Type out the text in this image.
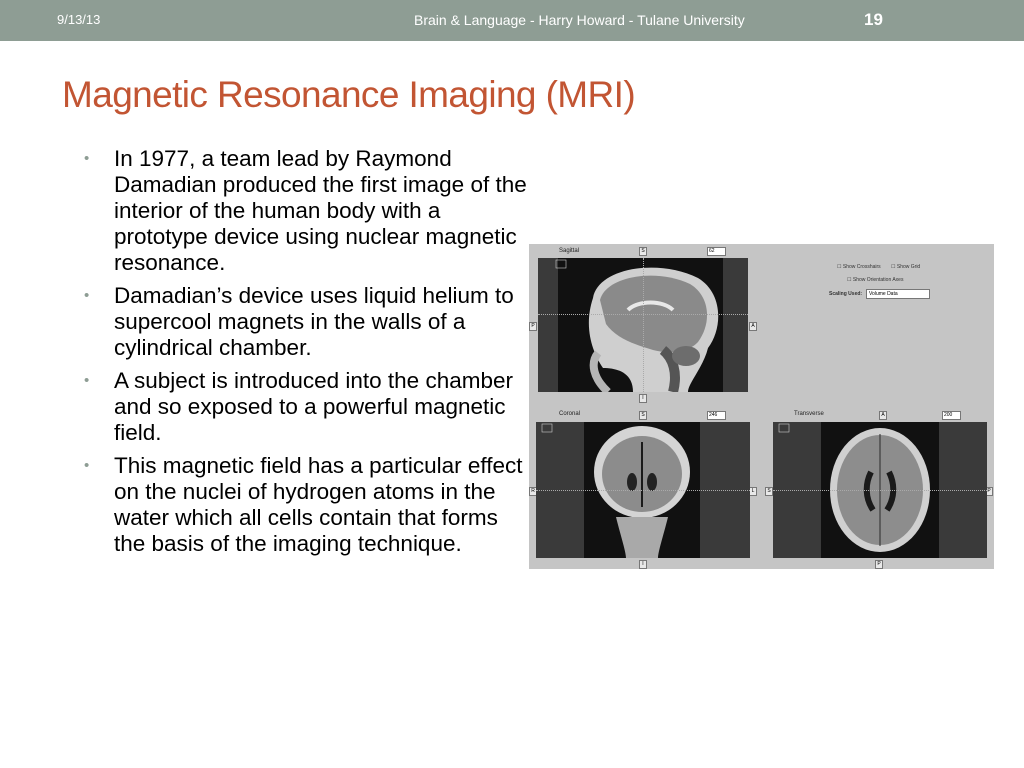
9/13/13	Brain & Language - Harry Howard - Tulane University	19
Magnetic Resonance Imaging (MRI)
• In 1977, a team lead by Raymond Damadian produced the first image of the interior of the human body with a prototype device using nuclear magnetic resonance.
• Damadian’s device uses liquid helium to supercool magnets in the walls of a cylindrical chamber.
• A subject is introduced into the chamber and so exposed to a powerful magnetic field.
• This magnetic field has a particular effect on the nuclei of hydrogen atoms in the water which all cells contain that forms the basis of the imaging technique.
Sagittal	S	62
P	A
I
☐ Show Crosshairs ☐ Show Grid
☐ Show Orientation Axes
Scaling Used:	Volume Data
Coronal	S	246
R	L
I
Transverse	A	200
S	P
P
